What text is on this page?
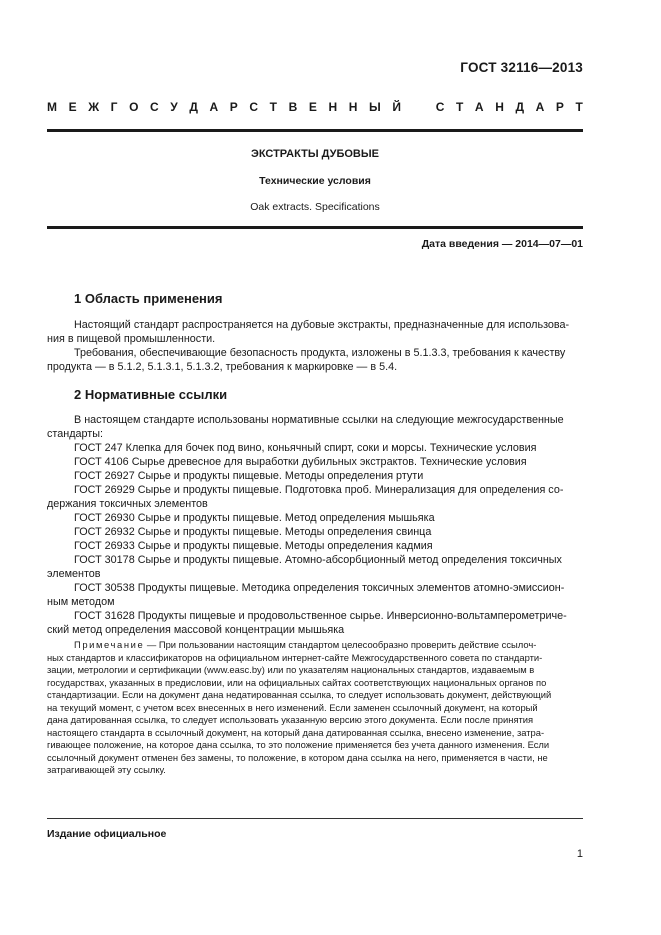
ГОСТ 32116—2013
М Е Ж Г О С У Д А Р С Т В Е Н Н Ы Й	С Т А Н Д А Р Т
ЭКСТРАКТЫ ДУБОВЫЕ
Технические условия
Oak extracts. Specifications
Дата введения — 2014—07—01
1 Область применения

Настоящий стандарт распространяется на дубовые экстракты, предназначенные для использова-

ния в пищевой промышленности.

Требования, обеспечивающие безопасность продукта, изложены в 5.1.3.3, требования к качеству

продукта — в 5.1.2, 5.1.3.1, 5.1.3.2, требования к маркировке — в 5.4.

2 Нормативные ссылки

В настоящем стандарте использованы нормативные ссылки на следующие межгосударственные

стандарты:

ГОСТ 247 Клепка для бочек под вино, коньячный спирт, соки и морсы. Технические условия

ГОСТ 4106 Сырье древесное для выработки дубильных экстрактов. Технические условия

ГОСТ 26927 Сырье и продукты пищевые. Методы определения ртути

ГОСТ 26929 Сырье и продукты пищевые. Подготовка проб. Минерализация для определения со-

держания токсичных элементов

ГОСТ 26930 Сырье и продукты пищевые. Метод определения мышьяка

ГОСТ 26932 Сырье и продукты пищевые. Методы определения свинца

ГОСТ 26933 Сырье и продукты пищевые. Методы определения кадмия

ГОСТ 30178 Сырье и продукты пищевые. Атомно-абсорбционный метод определения токсичных

элементов

ГОСТ 30538 Продукты пищевые. Методика определения токсичных элементов атомно-эмиссион-

ным методом

ГОСТ 31628 Продукты пищевые и продовольственное сырье. Инверсионно-вольтамперометриче-

ский метод определения массовой концентрации мышьяка

Примечание — При пользовании настоящим стандартом целесообразно проверить действие ссылоч-

ных стандартов и классификаторов на официальном интернет-сайте Межгосударственного совета по стандарти-

зации, метрологии и сертификации (www.easc.by) или по указателям национальных стандартов, издаваемым в

государствах, указанных в предисловии, или на официальных сайтах соответствующих национальных органов по

стандартизации. Если на документ дана недатированная ссылка, то следует использовать документ, действующий

на текущий момент, с учетом всех внесенных в него изменений. Если заменен ссылочный документ, на который

дана датированная ссылка, то следует использовать указанную версию этого документа. Если после принятия

настоящего стандарта в ссылочный документ, на который дана датированная ссылка, внесено изменение, затра-

гивающее положение, на которое дана ссылка, то это положение применяется без учета данного изменения. Если

ссылочный документ отменен без замены, то положение, в котором дана ссылка на него, применяется в части, не

затрагивающей эту ссылку.

Издание официальное
1
